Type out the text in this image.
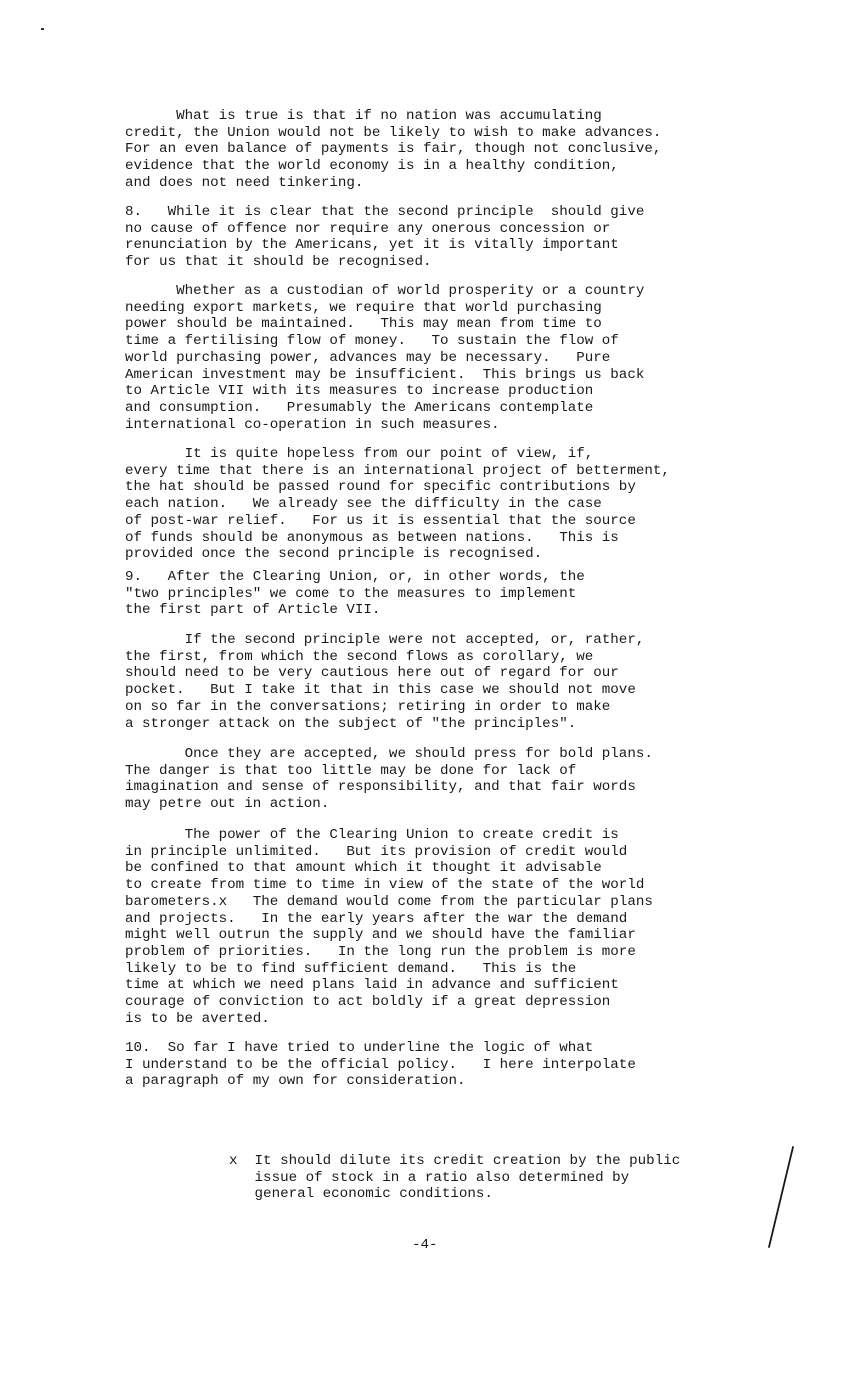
What is true is that if no nation was accumulating
credit, the Union would not be likely to wish to make advances.
For an even balance of payments is fair, though not conclusive,
evidence that the world economy is in a healthy condition,
and does not need tinkering.
8.   While it is clear that the second principle  should give
no cause of offence nor require any onerous concession or
renunciation by the Americans, yet it is vitally important
for us that it should be recognised.
Whether as a custodian of world prosperity or a country
needing export markets, we require that world purchasing
power should be maintained.   This may mean from time to
time a fertilising flow of money.   To sustain the flow of
world purchasing power, advances may be necessary.   Pure
American investment may be insufficient.  This brings us back
to Article VII with its measures to increase production
and consumption.   Presumably the Americans contemplate
international co-operation in such measures.
It is quite hopeless from our point of view, if,
every time that there is an international project of betterment,
the hat should be passed round for specific contributions by
each nation.   We already see the difficulty in the case
of post-war relief.   For us it is essential that the source
of funds should be anonymous as between nations.   This is
provided once the second principle is recognised.
9.   After the Clearing Union, or, in other words, the
"two principles" we come to the measures to implement
the first part of Article VII.
If the second principle were not accepted, or, rather,
the first, from which the second flows as corollary, we
should need to be very cautious here out of regard for our
pocket.   But I take it that in this case we should not move
on so far in the conversations; retiring in order to make
a stronger attack on the subject of "the principles".
Once they are accepted, we should press for bold plans.
The danger is that too little may be done for lack of
imagination and sense of responsibility, and that fair words
may petre out in action.
The power of the Clearing Union to create credit is
in principle unlimited.   But its provision of credit would
be confined to that amount which it thought it advisable
to create from time to time in view of the state of the world
barometers.x   The demand would come from the particular plans
and projects.   In the early years after the war the demand
might well outrun the supply and we should have the familiar
problem of priorities.   In the long run the problem is more
likely to be to find sufficient demand.   This is the
time at which we need plans laid in advance and sufficient
courage of conviction to act boldly if a great depression
is to be averted.
10.  So far I have tried to underline the logic of what
I understand to be the official policy.   I here interpolate
a paragraph of my own for consideration.
x  It should dilute its credit creation by the public
issue of stock in a ratio also determined by
general economic conditions.
-4-
